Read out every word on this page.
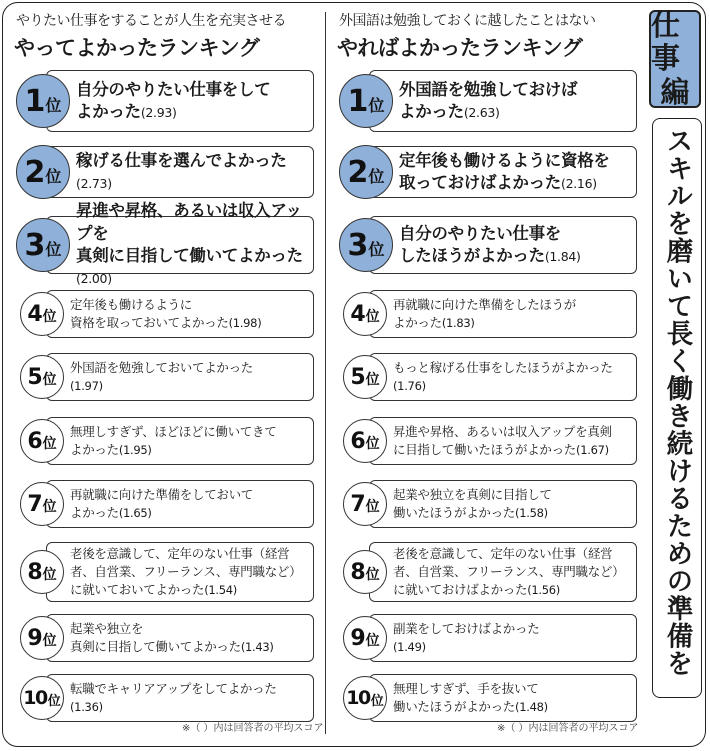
やりたい仕事をすることが人生を充実させる
やってよかったランキング
1 位
自分のやりたい仕事をして
よかった(2.93)
2 位
稼げる仕事を選んでよかった
(2.73)
3 位
昇進や昇格、あるいは収入アップを
真剣に目指して働いてよかった(2.00)
4 位
定年後も働けるように
資格を取っておいてよかった(1.98)
5 位
外国語を勉強しておいてよかった
(1.97)
6 位
無理しすぎず、ほどほどに働いてきて
よかった(1.95)
7 位
再就職に向けた準備をしておいて
よかった(1.65)
8 位
老後を意識して、定年のない仕事（経営
者、自営業、フリーランス、専門職など）
に就いておいてよかった(1.54)
9 位
起業や独立を
真剣に目指して働いてよかった(1.43)
10 位
転職でキャリアアップをしてよかった
(1.36)
※（ ）内は回答者の平均スコア
外国語は勉強しておくに越したことはない
やればよかったランキング
1 位
外国語を勉強しておけば
よかった(2.63)
2 位
定年後も働けるように資格を
取っておけばよかった(2.16)
3 位
自分のやりたい仕事を
したほうがよかった(1.84)
4 位
再就職に向けた準備をしたほうが
よかった(1.83)
5 位
もっと稼げる仕事をしたほうがよかった
(1.76)
6 位
昇進や昇格、あるいは収入アップを真剣
に目指して働いたほうがよかった(1.67)
7 位
起業や独立を真剣に目指して
働いたほうがよかった(1.58)
8 位
老後を意識して、定年のない仕事（経営
者、自営業、フリーランス、専門職など）
に就いておけばよかった(1.56)
9 位
副業をしておけばよかった
(1.49)
10 位
無理しすぎず、手を抜いて
働いたほうがよかった(1.48)
※（ ）内は回答者の平均スコア
仕事
編
スキルを磨いて長く働き続けるための準備を
